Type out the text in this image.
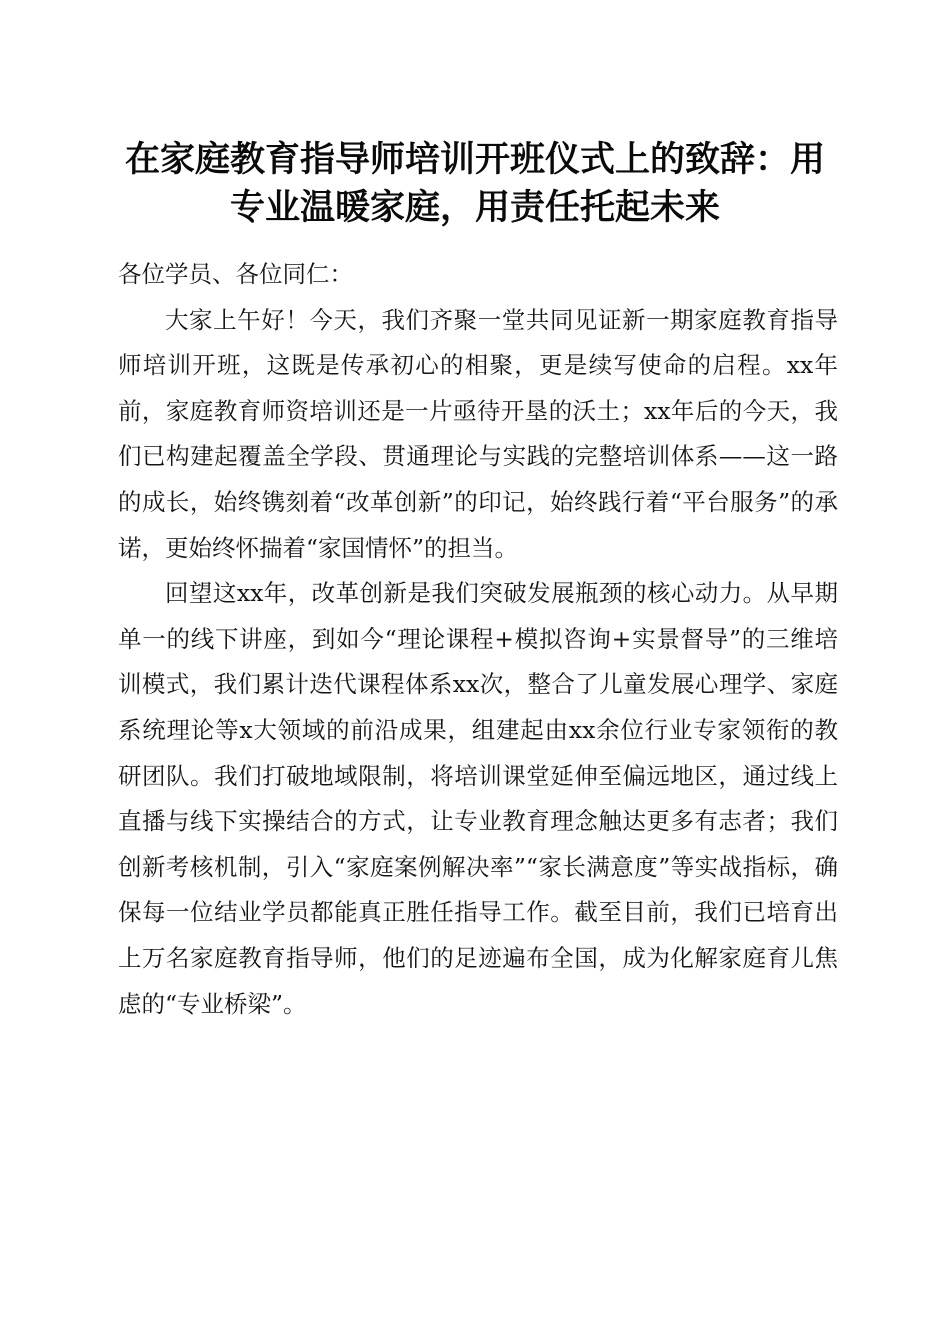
在家庭教育指导师培训开班仪式上的致辞：用
专业温暖家庭，用责任托起未来

各位学员、各位同仁：

大家上午好！今天，我们齐聚一堂共同见证新一期家庭教育指导师培训开班，这既是传承初心的相聚，更是续写使命的启程。xx年前，家庭教育师资培训还是一片亟待开垦的沃土；xx年后的今天，我们已构建起覆盖全学段、贯通理论与实践的完整培训体系——这一路的成长，始终镌刻着“改革创新”的印记，始终践行着“平台服务”的承诺，更始终怀揣着“家国情怀”的担当。

回望这xx年，改革创新是我们突破发展瓶颈的核心动力。从早期单一的线下讲座，到如今“理论课程+模拟咨询+实景督导”的三维培训模式，我们累计迭代课程体系xx次，整合了儿童发展心理学、家庭系统理论等x大领域的前沿成果，组建起由xx余位行业专家领衔的教研团队。我们打破地域限制，将培训课堂延伸至偏远地区，通过线上直播与线下实操结合的方式，让专业教育理念触达更多有志者；我们创新考核机制，引入“家庭案例解决率”“家长满意度”等实战指标，确保每一位结业学员都能真正胜任指导工作。截至目前，我们已培育出上万名家庭教育指导师，他们的足迹遍布全国，成为化解家庭育儿焦虑的“专业桥梁”。
